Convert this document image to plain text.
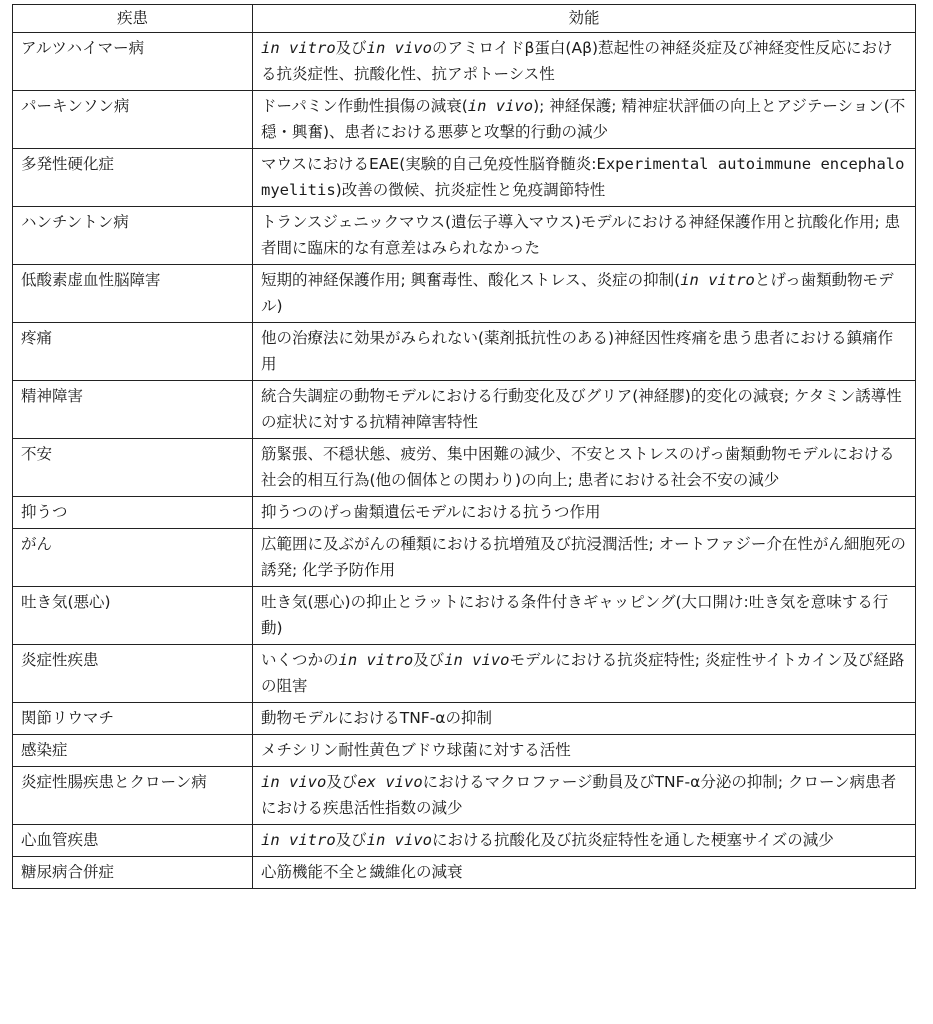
疾患	効能
アルツハイマー病	in vitro及びin vivoのアミロイドβ蛋白(Aβ)惹起性の神経炎症及び神経変性反応における抗炎症性、抗酸化性、抗アポトーシス性
パーキンソン病	ドーパミン作動性損傷の減衰(in vivo); 神経保護; 精神症状評価の向上とアジテーション(不穏・興奮)、患者における悪夢と攻撃的行動の減少
多発性硬化症	マウスにおけるEAE(実験的自己免疫性脳脊髄炎:Experimental autoimmune encephalomyelitis)改善の徴候、抗炎症性と免疫調節特性
ハンチントン病	トランスジェニックマウス(遺伝子導入マウス)モデルにおける神経保護作用と抗酸化作用; 患者間に臨床的な有意差はみられなかった
低酸素虚血性脳障害	短期的神経保護作用; 興奮毒性、酸化ストレス、炎症の抑制(in vitroとげっ歯類動物モデル)
疼痛	他の治療法に効果がみられない(薬剤抵抗性のある)神経因性疼痛を患う患者における鎮痛作用
精神障害	統合失調症の動物モデルにおける行動変化及びグリア(神経膠)的変化の減衰; ケタミン誘導性の症状に対する抗精神障害特性
不安	筋緊張、不穏状態、疲労、集中困難の減少、不安とストレスのげっ歯類動物モデルにおける社会的相互行為(他の個体との関わり)の向上; 患者における社会不安の減少
抑うつ	抑うつのげっ歯類遺伝モデルにおける抗うつ作用
がん	広範囲に及ぶがんの種類における抗増殖及び抗浸潤活性; オートファジー介在性がん細胞死の誘発; 化学予防作用
吐き気(悪心)	吐き気(悪心)の抑止とラットにおける条件付きギャッピング(大口開け:吐き気を意味する行動)
炎症性疾患	いくつかのin vitro及びin vivoモデルにおける抗炎症特性; 炎症性サイトカイン及び経路の阻害
関節リウマチ	動物モデルにおけるTNF-αの抑制
感染症	メチシリン耐性黄色ブドウ球菌に対する活性
炎症性腸疾患とクローン病	in vivo及びex vivoにおけるマクロファージ動員及びTNF-α分泌の抑制; クローン病患者における疾患活性指数の減少
心血管疾患	in vitro及びin vivoにおける抗酸化及び抗炎症特性を通した梗塞サイズの減少
糖尿病合併症	心筋機能不全と繊維化の減衰
